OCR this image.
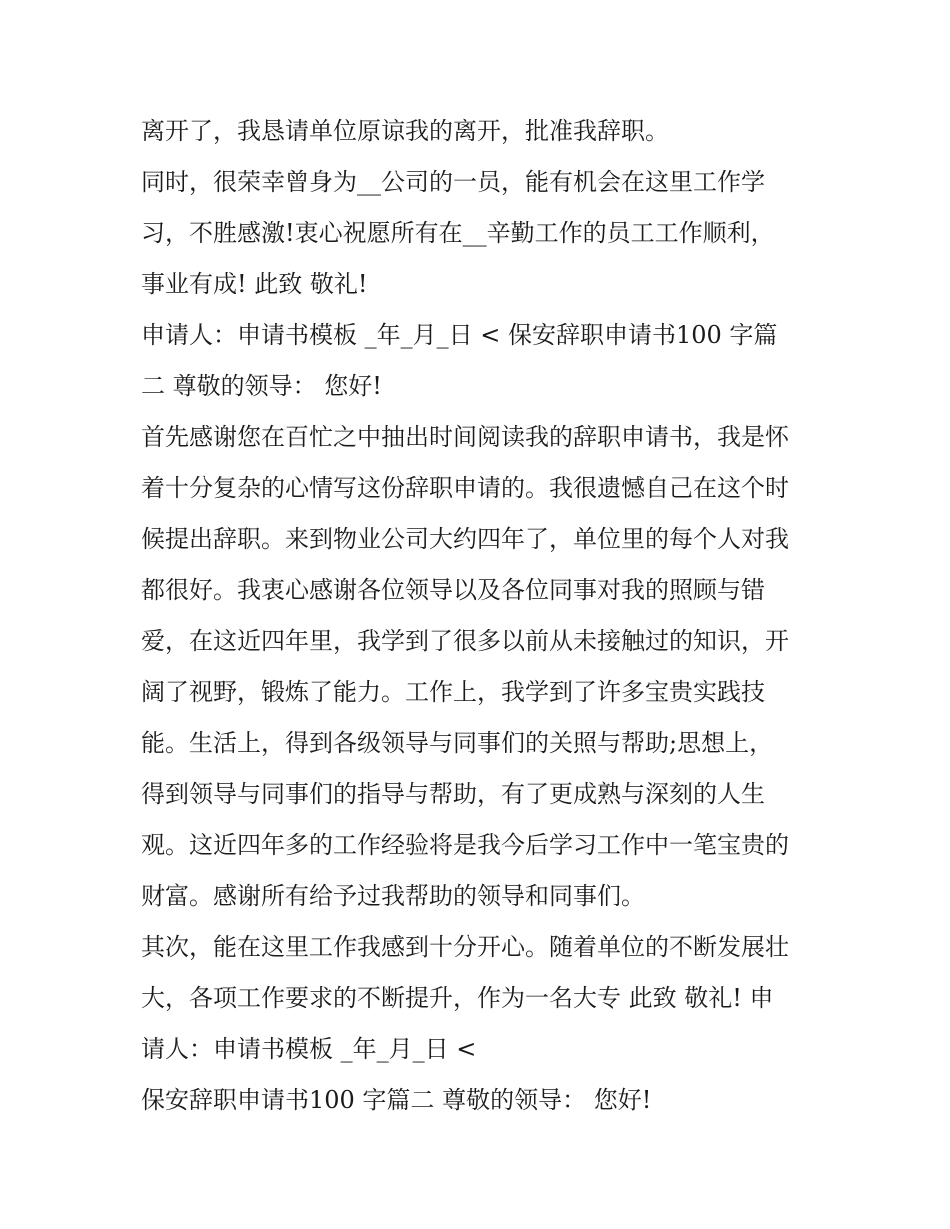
离开了，我恳请单位原谅我的离开，批准我辞职。
同时，很荣幸曾身为__公司的一员，能有机会在这里工作学
习，不胜感激!衷心祝愿所有在__辛勤工作的员工工作顺利，
事业有成! 此致 敬礼!
申请人：申请书模板 _年_月_日 < 保安辞职申请书100 字篇
二 尊敬的领导： 您好!
首先感谢您在百忙之中抽出时间阅读我的辞职申请书，我是怀
着十分复杂的心情写这份辞职申请的。我很遗憾自己在这个时
候提出辞职。来到物业公司大约四年了，单位里的每个人对我
都很好。我衷心感谢各位领导以及各位同事对我的照顾与错
爱，在这近四年里，我学到了很多以前从未接触过的知识，开
阔了视野，锻炼了能力。工作上，我学到了许多宝贵实践技
能。生活上，得到各级领导与同事们的关照与帮助;思想上，
得到领导与同事们的指导与帮助，有了更成熟与深刻的人生
观。这近四年多的工作经验将是我今后学习工作中一笔宝贵的
财富。感谢所有给予过我帮助的领导和同事们。
其次，能在这里工作我感到十分开心。随着单位的不断发展壮
大，各项工作要求的不断提升，作为一名大专 此致 敬礼! 申
请人：申请书模板 _年_月_日 <
保安辞职申请书100 字篇二 尊敬的领导： 您好!
